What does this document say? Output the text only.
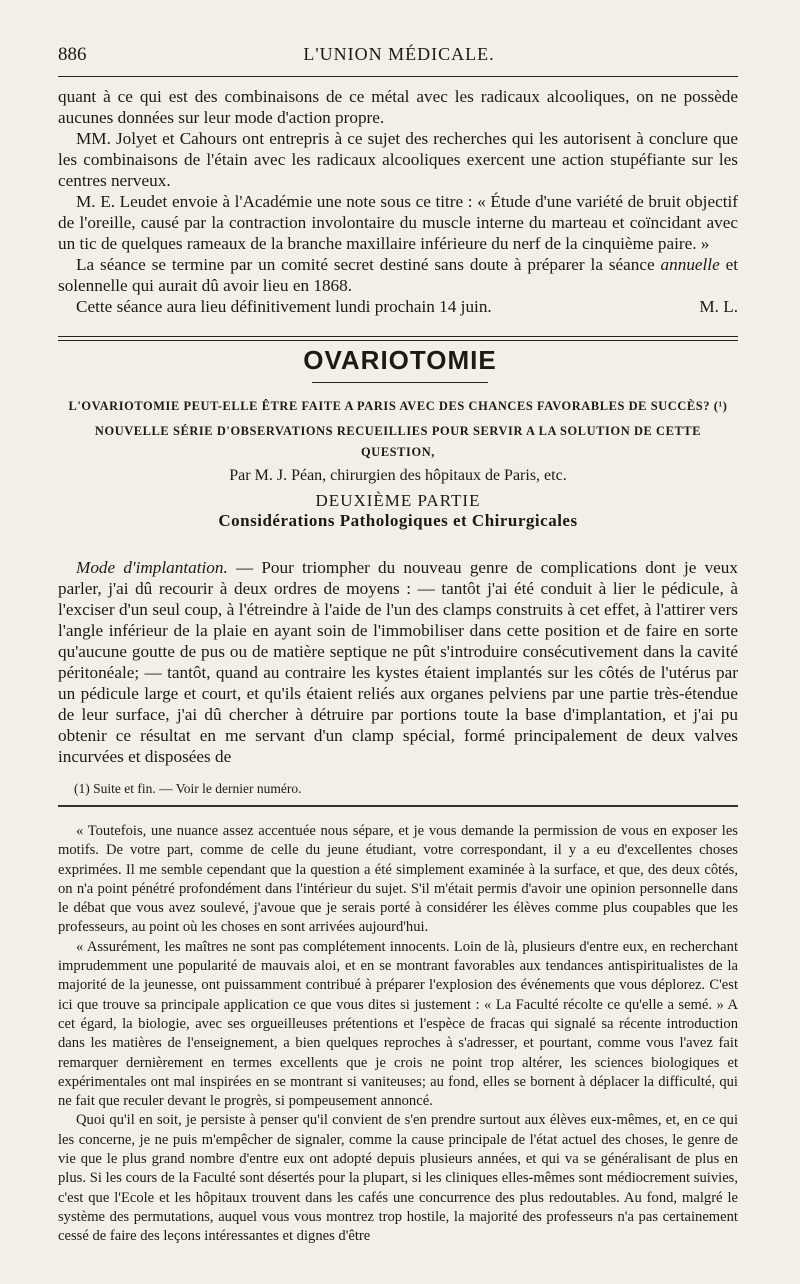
886	L'UNION MÉDICALE.

quant à ce qui est des combinaisons de ce métal avec les radicaux alcooliques, on ne possède aucunes données sur leur mode d'action propre.

MM. Jolyet et Cahours ont entrepris à ce sujet des recherches qui les autorisent à conclure que les combinaisons de l'étain avec les radicaux alcooliques exercent une action stupéfiante sur les centres nerveux.

M. E. Leudet envoie à l'Académie une note sous ce titre : « Étude d'une variété de bruit objectif de l'oreille, causé par la contraction involontaire du muscle interne du marteau et coïncidant avec un tic de quelques rameaux de la branche maxillaire inférieure du nerf de la cinquième paire. »

La séance se termine par un comité secret destiné sans doute à préparer la séance annuelle et solennelle qui aurait dû avoir lieu en 1868.

Cette séance aura lieu définitivement lundi prochain 14 juin.	M. L.

OVARIOTOMIE

L'OVARIOTOMIE PEUT-ELLE ÊTRE FAITE A PARIS AVEC DES CHANCES FAVORABLES DE SUCCÈS? (¹)

NOUVELLE SÉRIE D'OBSERVATIONS RECUEILLIES POUR SERVIR A LA SOLUTION DE CETTE QUESTION,

Par M. J. Péan, chirurgien des hôpitaux de Paris, etc.

DEUXIÈME PARTIE

Considérations Pathologiques et Chirurgicales

Mode d'implantation. — Pour triompher du nouveau genre de complications dont je veux parler, j'ai dû recourir à deux ordres de moyens : — tantôt j'ai été conduit à lier le pédicule, à l'exciser d'un seul coup, à l'étreindre à l'aide de l'un des clamps construits à cet effet, à l'attirer vers l'angle inférieur de la plaie en ayant soin de l'immobiliser dans cette position et de faire en sorte qu'aucune goutte de pus ou de matière septique ne pût s'introduire consécutivement dans la cavité péritonéale; — tantôt, quand au contraire les kystes étaient implantés sur les côtés de l'utérus par un pédicule large et court, et qu'ils étaient reliés aux organes pelviens par une partie très-étendue de leur surface, j'ai dû chercher à détruire par portions toute la base d'implantation, et j'ai pu obtenir ce résultat en me servant d'un clamp spécial, formé principalement de deux valves incurvées et disposées de

(1) Suite et fin. — Voir le dernier numéro.

« Toutefois, une nuance assez accentuée nous sépare, et je vous demande la permission de vous en exposer les motifs. De votre part, comme de celle du jeune étudiant, votre correspondant, il y a eu d'excellentes choses exprimées. Il me semble cependant que la question a été simplement examinée à la surface, et que, des deux côtés, on n'a point pénétré profondément dans l'intérieur du sujet. S'il m'était permis d'avoir une opinion personnelle dans le débat que vous avez soulevé, j'avoue que je serais porté à considérer les élèves comme plus coupables que les professeurs, au point où les choses en sont arrivées aujourd'hui.

« Assurément, les maîtres ne sont pas complétement innocents. Loin de là, plusieurs d'entre eux, en recherchant imprudemment une popularité de mauvais aloi, et en se montrant favorables aux tendances antispiritualistes de la majorité de la jeunesse, ont puissamment contribué à préparer l'explosion des événements que vous déplorez. C'est ici que trouve sa principale application ce que vous dites si justement : « La Faculté récolte ce qu'elle a semé. » A cet égard, la biologie, avec ses orgueilleuses prétentions et l'espèce de fracas qui signalé sa récente introduction dans les matières de l'enseignement, a bien quelques reproches à s'adresser, et pourtant, comme vous l'avez fait remarquer dernièrement en termes excellents que je crois ne point trop altérer, les sciences biologiques et expérimentales ont mal inspirées en se montrant si vaniteuses; au fond, elles se bornent à déplacer la difficulté, qui ne fait que reculer devant le progrès, si pompeusement annoncé.

Quoi qu'il en soit, je persiste à penser qu'il convient de s'en prendre surtout aux élèves eux-mêmes, et, en ce qui les concerne, je ne puis m'empêcher de signaler, comme la cause principale de l'état actuel des choses, le genre de vie que le plus grand nombre d'entre eux ont adopté depuis plusieurs années, et qui va se généralisant de plus en plus. Si les cours de la Faculté sont désertés pour la plupart, si les cliniques elles-mêmes sont médiocrement suivies, c'est que l'Ecole et les hôpitaux trouvent dans les cafés une concurrence des plus redoutables. Au fond, malgré le système des permutations, auquel vous vous montrez trop hostile, la majorité des professeurs n'a pas certainement cessé de faire des leçons intéressantes et dignes d'être
